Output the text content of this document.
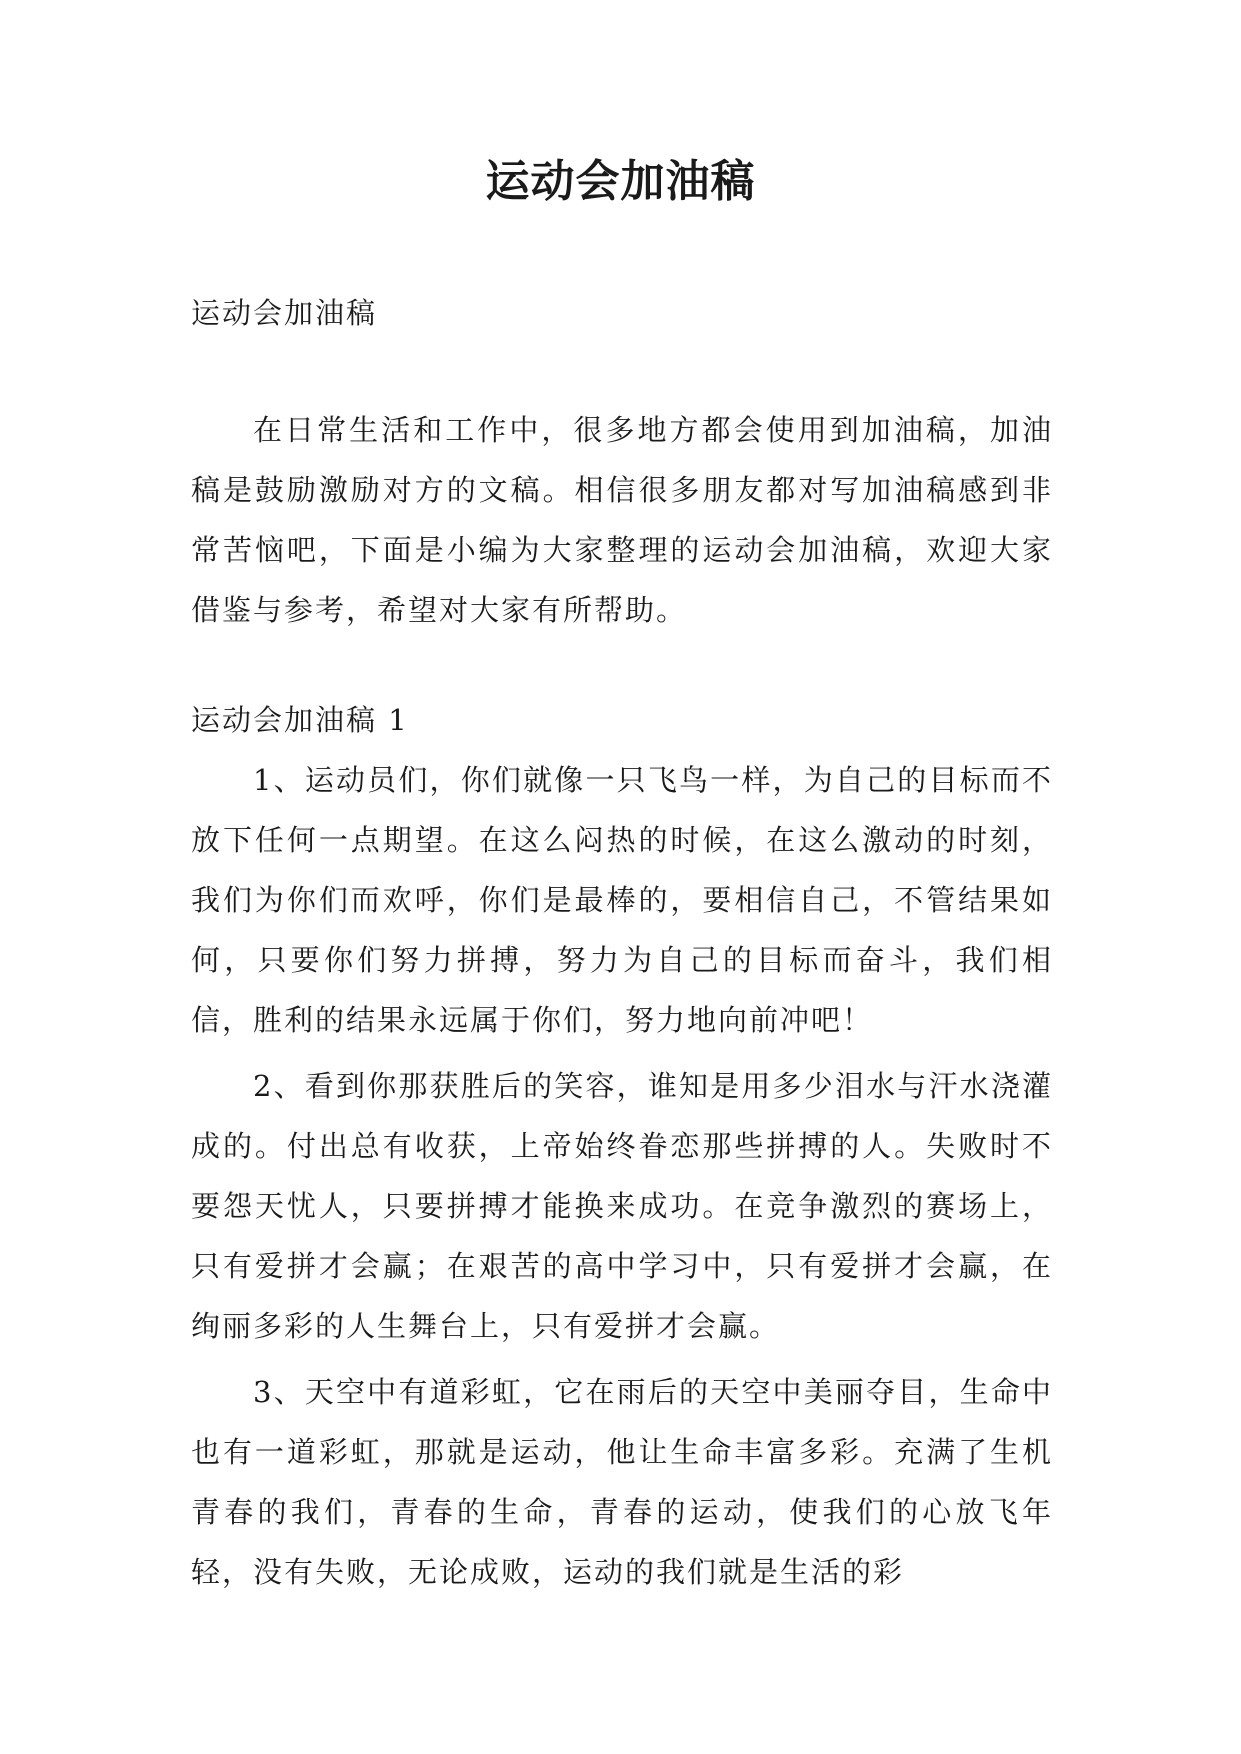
运动会加油稿

运动会加油稿

在日常生活和工作中，很多地方都会使用到加油稿，加油稿是鼓励激励对方的文稿。相信很多朋友都对写加油稿感到非常苦恼吧，下面是小编为大家整理的运动会加油稿，欢迎大家借鉴与参考，希望对大家有所帮助。

运动会加油稿 1

1、运动员们，你们就像一只飞鸟一样，为自己的目标而不放下任何一点期望。在这么闷热的时候，在这么激动的时刻，我们为你们而欢呼，你们是最棒的，要相信自己，不管结果如何，只要你们努力拼搏，努力为自己的目标而奋斗，我们相信，胜利的结果永远属于你们，努力地向前冲吧！

2、看到你那获胜后的笑容，谁知是用多少泪水与汗水浇灌成的。付出总有收获，上帝始终眷恋那些拼搏的人。失败时不要怨天忧人，只要拼搏才能换来成功。在竞争激烈的赛场上，只有爱拼才会赢；在艰苦的高中学习中，只有爱拼才会赢，在绚丽多彩的人生舞台上，只有爱拼才会赢。

3、天空中有道彩虹，它在雨后的天空中美丽夺目，生命中也有一道彩虹，那就是运动，他让生命丰富多彩。充满了生机青春的我们，青春的生命，青春的运动，使我们的心放飞年轻，没有失败，无论成败，运动的我们就是生活的彩
